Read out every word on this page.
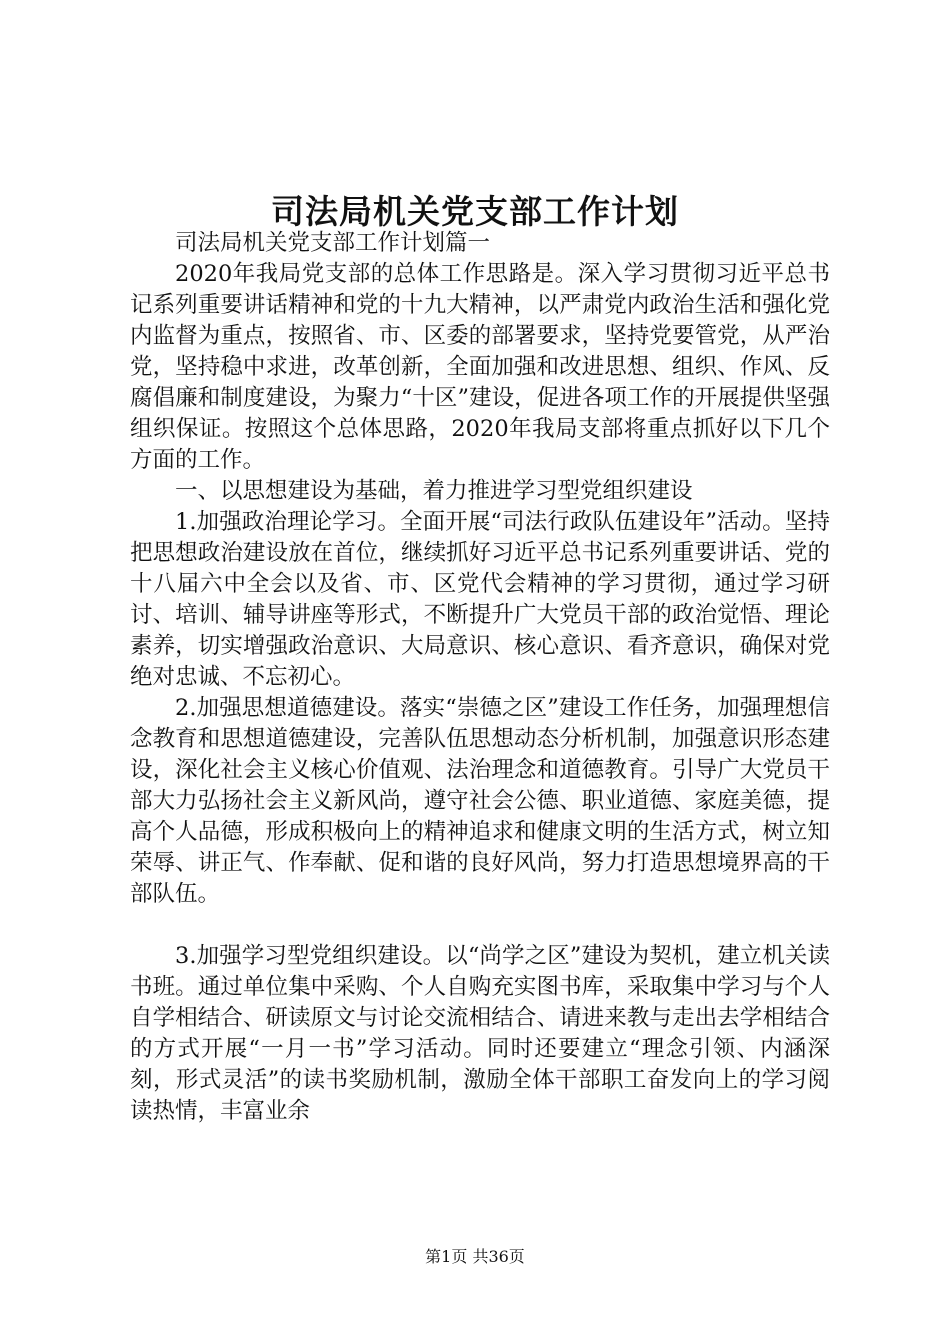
司法局机关党支部工作计划

司法局机关党支部工作计划篇一

2020年我局党支部的总体工作思路是。深入学习贯彻习近平总书记系列重要讲话精神和党的十九大精神，以严肃党内政治生活和强化党内监督为重点，按照省、市、区委的部署要求，坚持党要管党，从严治党，坚持稳中求进，改革创新，全面加强和改进思想、组织、作风、反腐倡廉和制度建设，为聚力“十区”建设，促进各项工作的开展提供坚强组织保证。按照这个总体思路，2020年我局支部将重点抓好以下几个方面的工作。

一、以思想建设为基础，着力推进学习型党组织建设

1.加强政治理论学习。全面开展“司法行政队伍建设年”活动。坚持把思想政治建设放在首位，继续抓好习近平总书记系列重要讲话、党的十八届六中全会以及省、市、区党代会精神的学习贯彻，通过学习研讨、培训、辅导讲座等形式，不断提升广大党员干部的政治觉悟、理论素养，切实增强政治意识、大局意识、核心意识、看齐意识，确保对党绝对忠诚、不忘初心。

2.加强思想道德建设。落实“崇德之区”建设工作任务，加强理想信念教育和思想道德建设，完善队伍思想动态分析机制，加强意识形态建设，深化社会主义核心价值观、法治理念和道德教育。引导广大党员干部大力弘扬社会主义新风尚，遵守社会公德、职业道德、家庭美德，提高个人品德，形成积极向上的精神追求和健康文明的生活方式，树立知荣辱、讲正气、作奉献、促和谐的良好风尚，努力打造思想境界高的干部队伍。

3.加强学习型党组织建设。以“尚学之区”建设为契机，建立机关读书班。通过单位集中采购、个人自购充实图书库，采取集中学习与个人自学相结合、研读原文与讨论交流相结合、请进来教与走出去学相结合的方式开展“一月一书”学习活动。同时还要建立“理念引领、内涵深刻，形式灵活”的读书奖励机制，激励全体干部职工奋发向上的学习阅读热情，丰富业余

第1页 共36页
